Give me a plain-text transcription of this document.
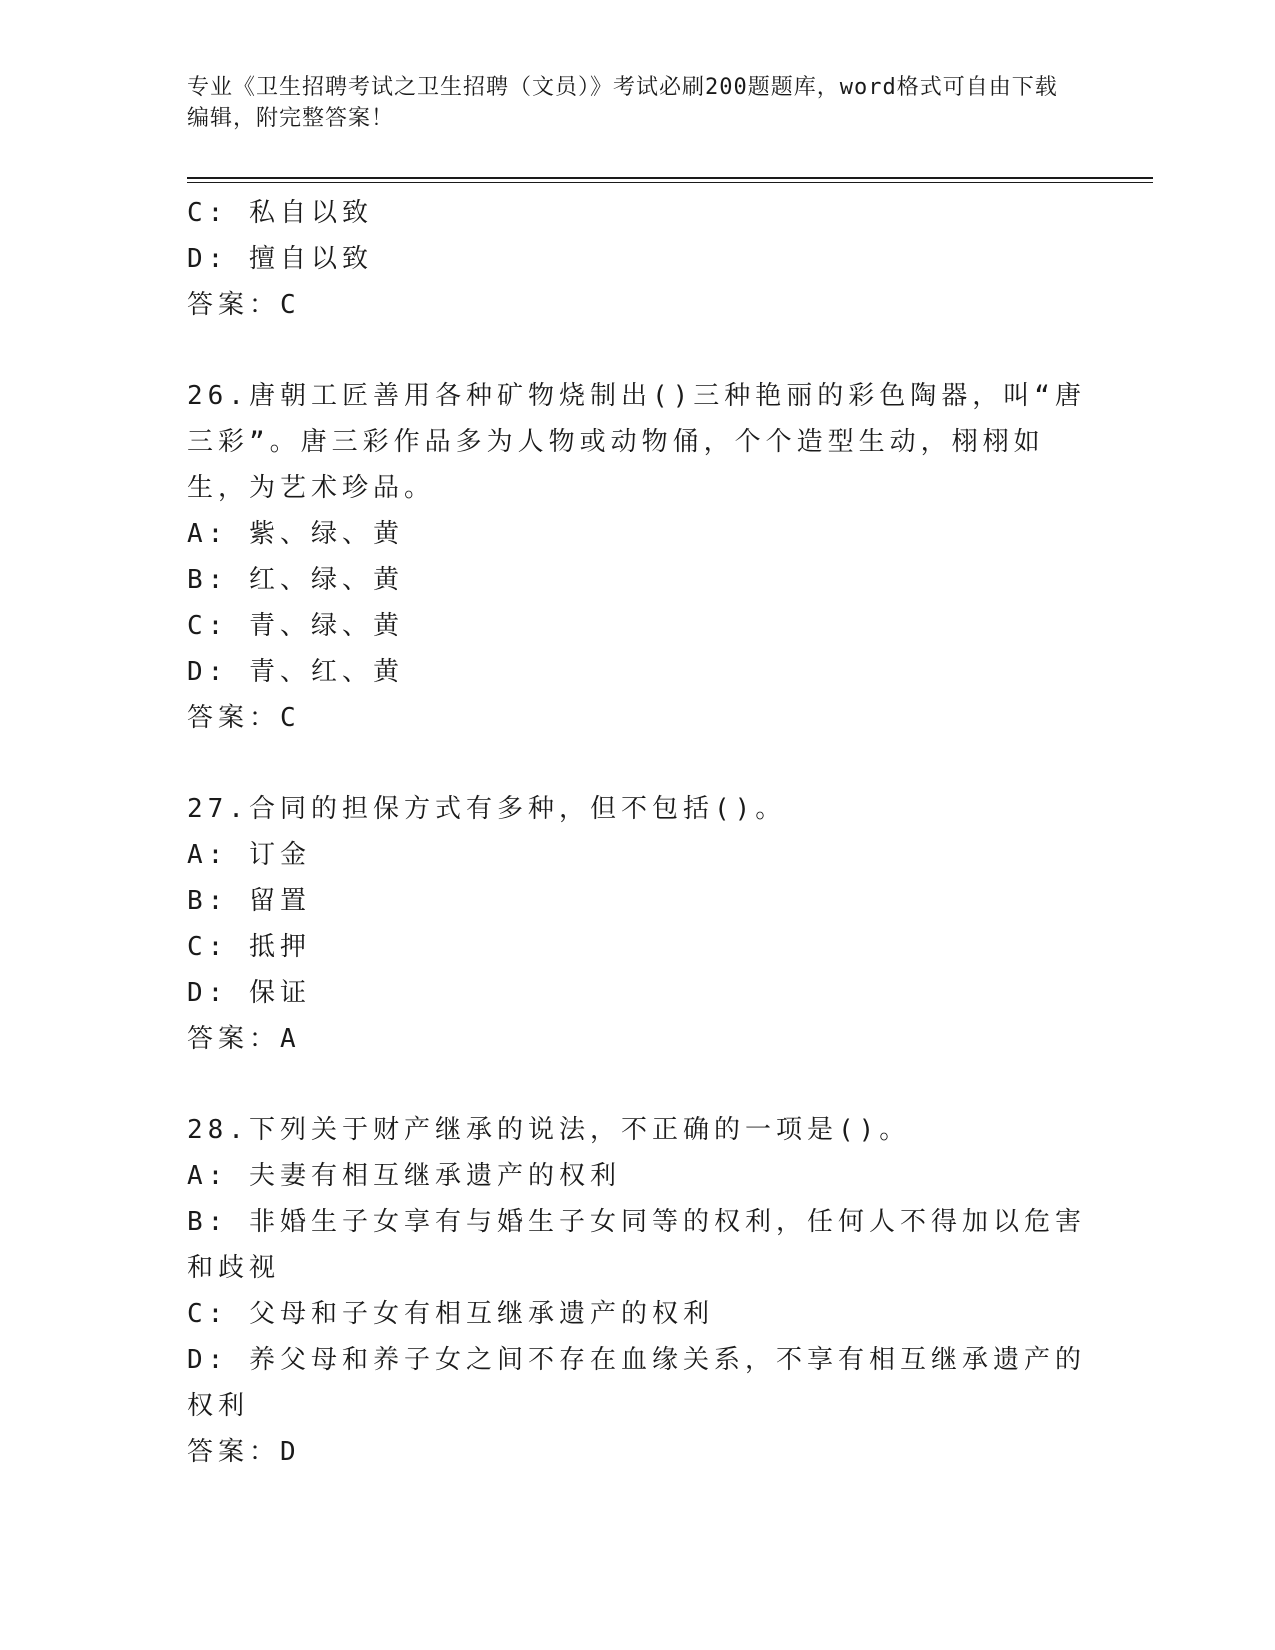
专业《卫生招聘考试之卫生招聘（文员）》考试必刷200题题库，word格式可自由下载编辑，附完整答案！
C: 私自以致
D: 擅自以致
答案：C
26.唐朝工匠善用各种矿物烧制出()三种艳丽的彩色陶器，叫“唐三彩”。唐三彩作品多为人物或动物俑，个个造型生动，栩栩如生，为艺术珍品。
A: 紫、绿、黄
B: 红、绿、黄
C: 青、绿、黄
D: 青、红、黄
答案：C
27.合同的担保方式有多种，但不包括()。
A: 订金
B: 留置
C: 抵押
D: 保证
答案：A
28.下列关于财产继承的说法，不正确的一项是()。
A: 夫妻有相互继承遗产的权利
B: 非婚生子女享有与婚生子女同等的权利，任何人不得加以危害和歧视
C: 父母和子女有相互继承遗产的权利
D: 养父母和养子女之间不存在血缘关系，不享有相互继承遗产的权利
答案：D
